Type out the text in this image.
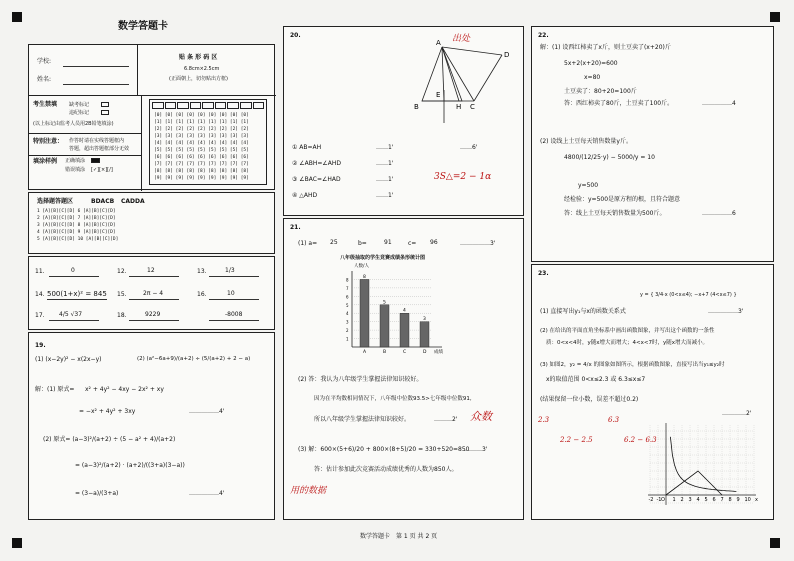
数学答题卡
数学答题卡　第 1 页 共 2 页
学校:
姓名:
贴 条 形 码 区
6.8cm×2.5cm
(正面朝上，切勿贴出方框)
考生禁填 缺考标记
违纪标记
(以上标记由监考人员用2B铅笔填涂)
特别注意： 作答时请在实线答题框内
答题，超出答题框部分无效
填涂样例 正确填涂
错误填涂 [✓][×][/]
[0] [0] [0] [0] [0] [0] [0] [0] [0]
[1] [1] [1] [1] [1] [1] [1] [1] [1]
[2] [2] [2] [2] [2] [2] [2] [2] [2]
[3] [3] [3] [3] [3] [3] [3] [3] [3]
[4] [4] [4] [4] [4] [4] [4] [4] [4]
[5] [5] [5] [5] [5] [5] [5] [5] [5]
[6] [6] [6] [6] [6] [6] [6] [6] [6]
[7] [7] [7] [7] [7] [7] [7] [7] [7]
[8] [8] [8] [8] [8] [8] [8] [8] [8]
[9] [9] [9] [9] [9] [9] [9] [9] [9]
选择题答题区	BDACB CADDA
1 [A][B][C][D] 6 [A][B][C][D]
2 [A][B][C][D] 7 [A][B][C][D]
3 [A][B][C][D] 8 [A][B][C][D]
4 [A][B][C][D] 9 [A][B][C][D]
5 [A][B][C][D] 10 [A][B][C][D]
11.	0	12.	12	13.	1/3
14. 500(1+x)² = 845 15.	2π − 4	16.	10
17. 4/5 √37	18.	9229	-8008
19.
(1) (x−2y)² − x(2x−y)	(2) (a²−6a+9)/(a+2) ÷ (5/(a+2) + 2 − a)
解：(1) 原式= x² + 4y² − 4xy − 2x² + xy
= −x² + 4y² + 3xy	……………4'
(2) 原式= (a−3)²/(a+2) ÷ (5 − a² + 4)/(a+2)
= (a−3)²/(a+2) · (a+2)/((3+a)(3−a))
= (3−a)/(3+a)	……………4'
20.
A
D
B
E
H C
出处
① AB=AH	……1'	……6'
② ∠ABH=∠AHD	……1'
③ ∠BAC=∠HAD	……1'	3S△=2 − 1α
④ △AHD	……1'
21.
(1) a= 25	b=	91	c= 96	……………3'
八年级抽取的学生竞赛成绩条形统计图
1
2
3
4
5
6
7
8	8
A
5
B
4
C
3
D
人数/人
成绩
(2) 答：我认为八年级学生掌握法律知识较好。
因为在平均数相同情况下，八年级中位数93.5>七年级中位数91,
所以八年级学生掌握法律知识较好。	………2' 众数
(3) 解：600×(5+6)/20 + 800×(8+5)/20 = 330+520=850
………3'
答：估计参加此次竞赛活动成绩优秀的人数为850人。
用的数据
22.
解：(1) 设西红柿卖了x斤，则土豆卖了(x+20)斤
5x+2(x+20)=600
x=80
土豆卖了：80+20=100斤
答：西红柿卖了80斤，土豆卖了100斤。	……………4
(2) 设线上土豆每天销售数量y斤。
4800/(12/25·y) − 5000/y = 10
y=500
经检验：y=500是原方程的根，且符合题意
答：线上土豆每天销售数量为500斤。	……………6
23.
y = { 3/4·x (0<x≤4); −x+7 (4<x≤7) }
(1) 直接写出y₁与x的函数关系式	……………3'
(2) 在给出的平面直角坐标系中画出函数图象，并写出这个函数的一条性
质：0<x<4时，y随x增大而增大；4<x<7时，y随x增大而减小。
(3) 如图2，y₂ = 4/x 的图象如图所示，根据函数图象，直接写出当y₁≤y₂时
x的取值范围 0<x≤2.3 或 6.3≤x≤7
(结果保留一位小数，误差不超过0.2)
…………2'
2.3	6.3
2.2 − 2.5	6.2 − 6.3
-2 -1 1 2 3 4 5 6 7 8 9 10
O	x
